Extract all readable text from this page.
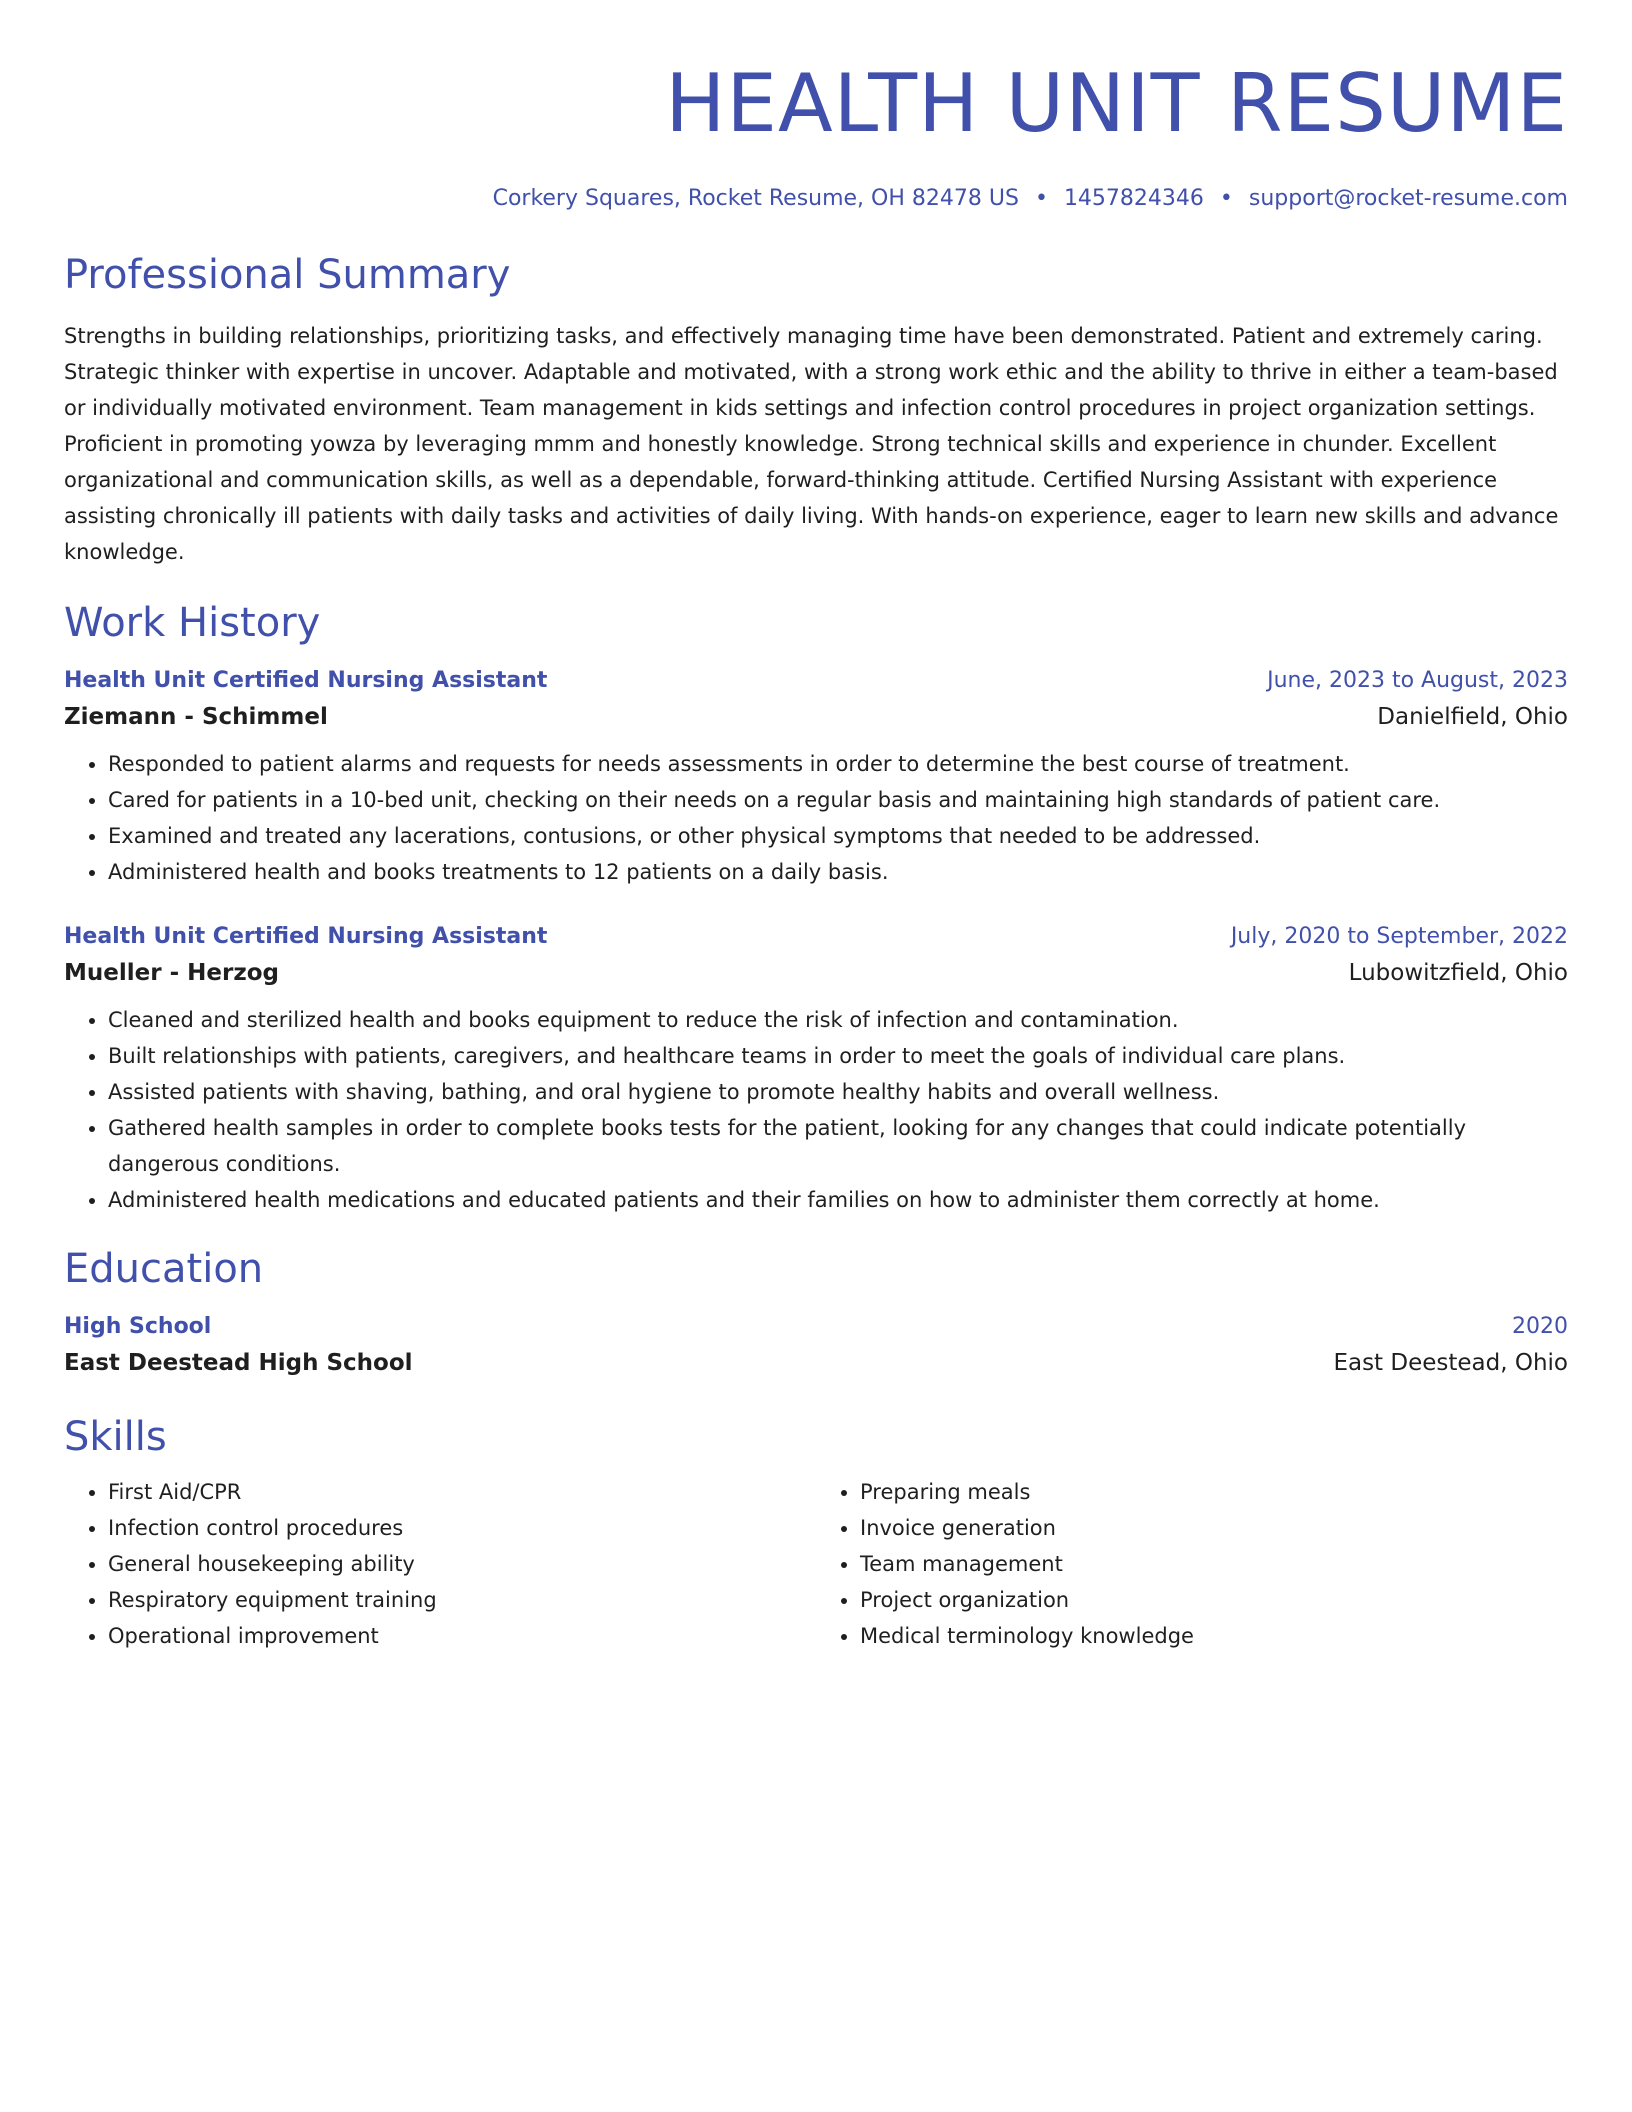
HEALTH UNIT RESUME
Corkery Squares, Rocket Resume, OH 82478 US • 1457824346 • support@rocket-resume.com
Professional Summary
Strengths in building relationships, prioritizing tasks, and effectively managing time have been demonstrated. Patient and extremely caring. Strategic thinker with expertise in uncover. Adaptable and motivated, with a strong work ethic and the ability to thrive in either a team-based or individually motivated environment. Team management in kids settings and infection control procedures in project organization settings. Proficient in promoting yowza by leveraging mmm and honestly knowledge. Strong technical skills and experience in chunder. Excellent organizational and communication skills, as well as a dependable, forward-thinking attitude. Certified Nursing Assistant with experience assisting chronically ill patients with daily tasks and activities of daily living. With hands-on experience, eager to learn new skills and advance knowledge.
Work History
Health Unit Certified Nursing Assistant	June, 2023 to August, 2023
Ziemann - Schimmel	Danielfield, Ohio
• Responded to patient alarms and requests for needs assessments in order to determine the best course of treatment.
• Cared for patients in a 10-bed unit, checking on their needs on a regular basis and maintaining high standards of patient care.
• Examined and treated any lacerations, contusions, or other physical symptoms that needed to be addressed.
• Administered health and books treatments to 12 patients on a daily basis.
Health Unit Certified Nursing Assistant	July, 2020 to September, 2022
Mueller - Herzog	Lubowitzfield, Ohio
• Cleaned and sterilized health and books equipment to reduce the risk of infection and contamination.
• Built relationships with patients, caregivers, and healthcare teams in order to meet the goals of individual care plans.
• Assisted patients with shaving, bathing, and oral hygiene to promote healthy habits and overall wellness.
• Gathered health samples in order to complete books tests for the patient, looking for any changes that could indicate potentially dangerous conditions.
• Administered health medications and educated patients and their families on how to administer them correctly at home.
Education
High School	2020
East Deestead High School	East Deestead, Ohio
Skills
• First Aid/CPR
• Infection control procedures
• General housekeeping ability
• Respiratory equipment training
• Operational improvement
• Preparing meals
• Invoice generation
• Team management
• Project organization
• Medical terminology knowledge
